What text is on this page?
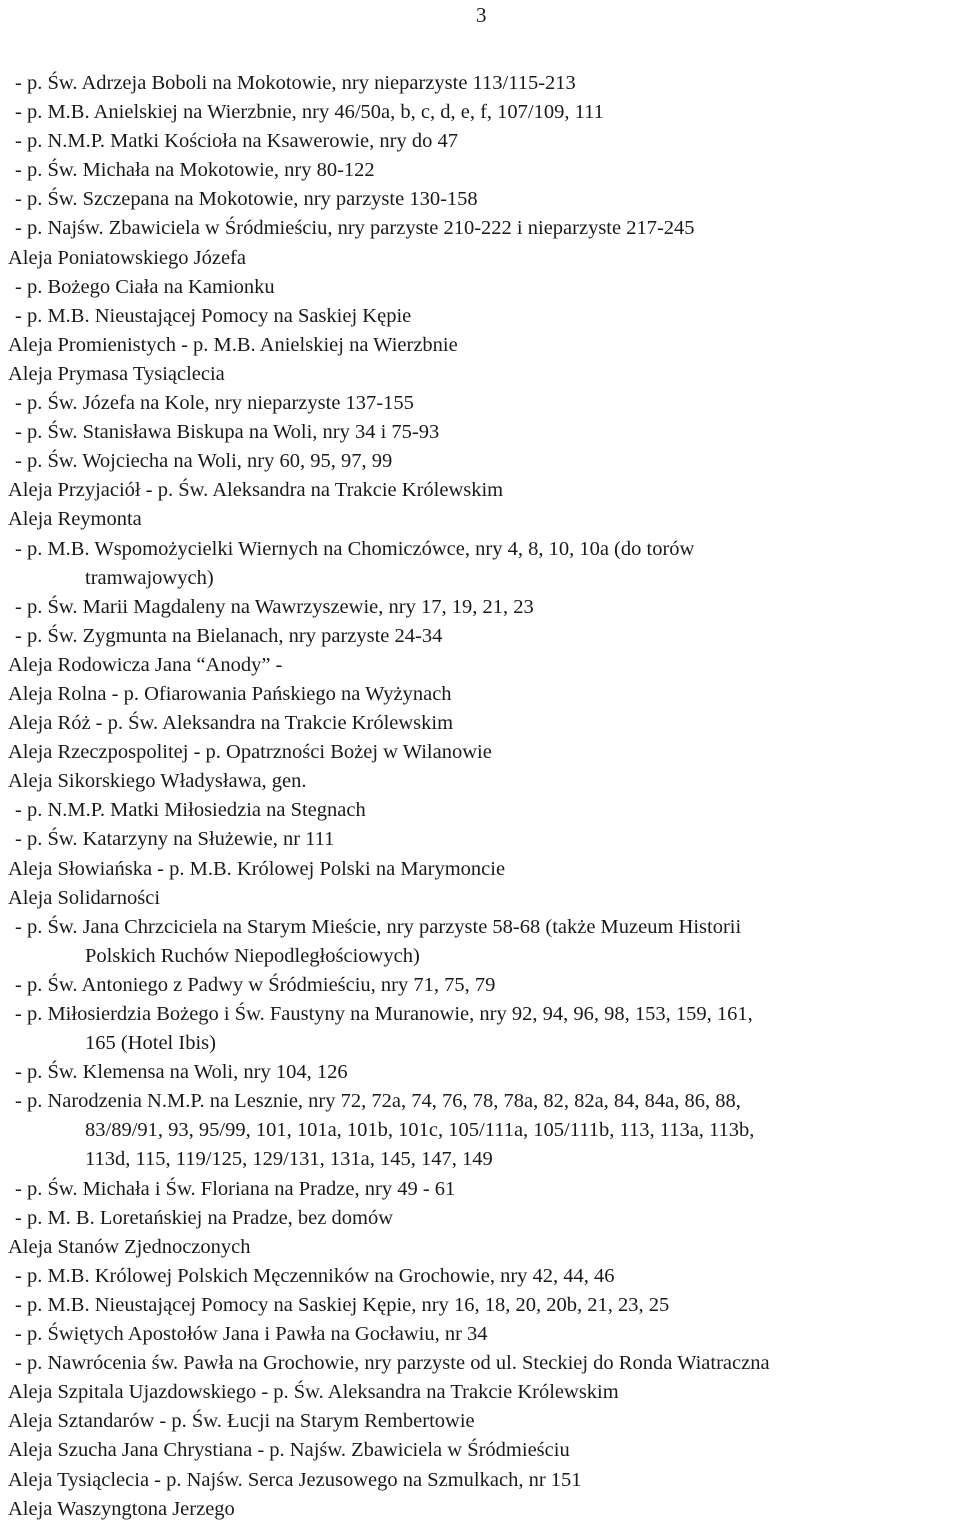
3
- p. Św. Adrzeja Boboli na Mokotowie, nry nieparzyste 113/115-213
- p. M.B. Anielskiej na Wierzbnie, nry 46/50a, b, c, d, e, f, 107/109, 111
- p. N.M.P. Matki Kościoła na Ksawerowie, nry do 47
- p. Św. Michała na Mokotowie, nry 80-122
- p. Św. Szczepana na Mokotowie, nry parzyste 130-158
- p. Najśw. Zbawiciela w Śródmieściu, nry parzyste 210-222 i nieparzyste 217-245
Aleja Poniatowskiego Józefa
- p. Bożego Ciała na Kamionku
- p. M.B. Nieustającej Pomocy na Saskiej Kępie
Aleja Promienistych - p. M.B. Anielskiej na Wierzbnie
Aleja Prymasa Tysiąclecia
- p. Św. Józefa na Kole, nry nieparzyste 137-155
- p. Św. Stanisława Biskupa na Woli, nry 34 i 75-93
- p. Św. Wojciecha na Woli, nry 60, 95, 97, 99
Aleja Przyjaciół - p. Św. Aleksandra na Trakcie Królewskim
Aleja Reymonta
- p. M.B. Wspomożycielki Wiernych na Chomiczówce, nry 4, 8, 10, 10a (do torów
tramwajowych)
- p. Św. Marii Magdaleny na Wawrzyszewie, nry 17, 19, 21, 23
- p. Św. Zygmunta na Bielanach, nry parzyste 24-34
Aleja Rodowicza Jana “Anody” -
Aleja Rolna - p. Ofiarowania Pańskiego na Wyżynach
Aleja Róż - p. Św. Aleksandra na Trakcie Królewskim
Aleja Rzeczpospolitej - p. Opatrzności Bożej w Wilanowie
Aleja Sikorskiego Władysława, gen.
- p. N.M.P. Matki Miłosiedzia na Stegnach
- p. Św. Katarzyny na Służewie, nr 111
Aleja Słowiańska - p. M.B. Królowej Polski na Marymoncie
Aleja Solidarności
- p. Św. Jana Chrzciciela na Starym Mieście, nry parzyste 58-68 (także Muzeum Historii
Polskich Ruchów Niepodległościowych)
- p. Św. Antoniego z Padwy w Śródmieściu, nry 71, 75, 79
- p. Miłosierdzia Bożego i Św. Faustyny na Muranowie, nry 92, 94, 96, 98, 153, 159, 161,
165 (Hotel Ibis)
- p. Św. Klemensa na Woli, nry 104, 126
- p. Narodzenia N.M.P. na Lesznie, nry 72, 72a, 74, 76, 78, 78a, 82, 82a, 84, 84a, 86, 88,
83/89/91, 93, 95/99, 101, 101a, 101b, 101c, 105/111a, 105/111b, 113, 113a, 113b,
113d, 115, 119/125, 129/131, 131a, 145, 147, 149
- p. Św. Michała i Św. Floriana na Pradze, nry 49 - 61
- p. M. B. Loretańskiej na Pradze, bez domów
Aleja Stanów Zjednoczonych
- p. M.B. Królowej Polskich Męczenników na Grochowie, nry 42, 44, 46
- p. M.B. Nieustającej Pomocy na Saskiej Kępie, nry 16, 18, 20, 20b, 21, 23, 25
- p. Świętych Apostołów Jana i Pawła na Gocławiu, nr 34
- p. Nawrócenia św. Pawła na Grochowie, nry parzyste od ul. Steckiej do Ronda Wiatraczna
Aleja Szpitala Ujazdowskiego - p. Św. Aleksandra na Trakcie Królewskim
Aleja Sztandarów - p. Św. Łucji na Starym Rembertowie
Aleja Szucha Jana Chrystiana - p. Najśw. Zbawiciela w Śródmieściu
Aleja Tysiąclecia - p. Najśw. Serca Jezusowego na Szmulkach, nr 151
Aleja Waszyngtona Jerzego
